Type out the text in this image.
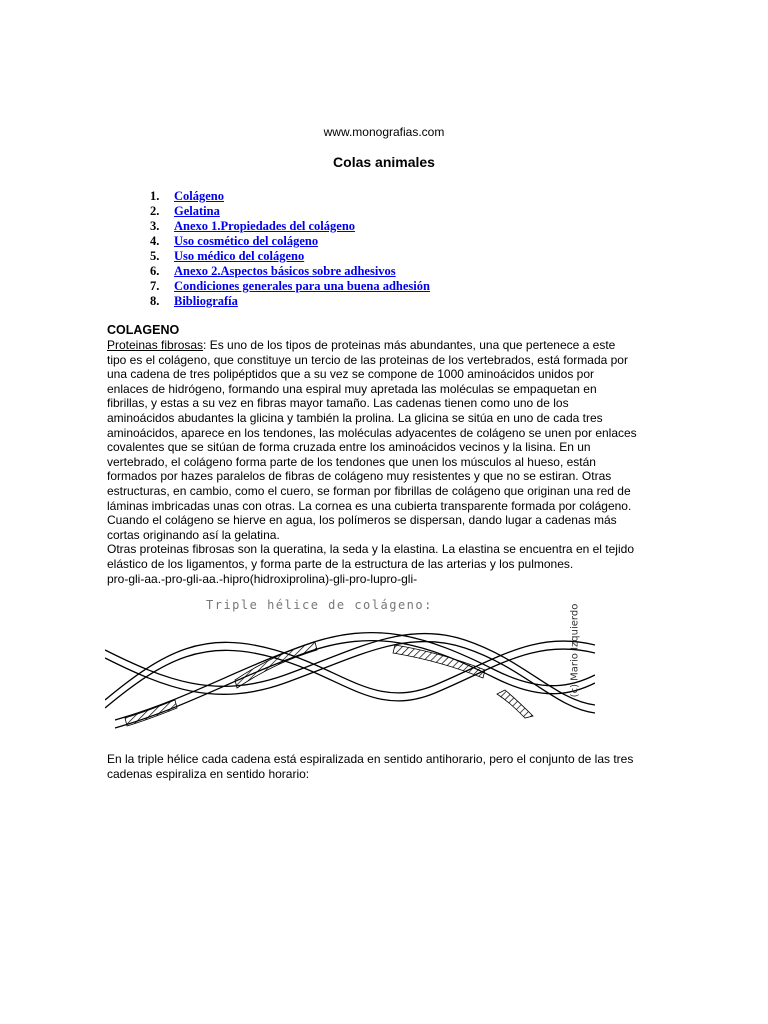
www.monografias.com
Colas animales
1. Colágeno
2. Gelatina
3. Anexo 1.Propiedades del colágeno
4. Uso cosmético del colágeno
5. Uso médico del colágeno
6. Anexo 2.Aspectos básicos sobre adhesivos
7. Condiciones generales para una buena adhesión
8. Bibliografía
COLAGENO
Proteinas fibrosas: Es uno de los tipos de proteinas más abundantes, una que pertenece a este
tipo es el colágeno, que constituye un tercio de las proteinas de los vertebrados, está formada por
una cadena de tres polipéptidos que a su vez se compone de 1000 aminoácidos unidos por
enlaces de hidrógeno, formando una espiral muy apretada las moléculas se empaquetan en
fibrillas, y estas a su vez en fibras mayor tamaño. Las cadenas tienen como uno de los
aminoácidos abudantes la glicina y también la prolina. La glicina se sitúa en uno de cada tres
aminoácidos, aparece en los tendones, las moléculas adyacentes de colágeno se unen por enlaces
covalentes que se sitúan de forma cruzada entre los aminoácidos vecinos y la lisina. En un
vertebrado, el colágeno forma parte de los tendones que unen los músculos al hueso, están
formados por hazes paralelos de fibras de colágeno muy resistentes y que no se estiran. Otras
estructuras, en cambio, como el cuero, se forman por fibrillas de colágeno que originan una red de
láminas imbricadas unas con otras. La cornea es una cubierta transparente formada por colágeno.
Cuando el colágeno se hierve en agua, los polímeros se dispersan, dando lugar a cadenas más
cortas originando así la gelatina.
Otras proteinas fibrosas son la queratina, la seda y la elastina. La elastina se encuentra en el tejido
elástico de los ligamentos, y forma parte de la estructura de las arterias y los pulmones.
pro-gli-aa.-pro-gli-aa.-hipro(hidroxiprolina)-gli-pro-lupro-gli-
Triple hélice de colágeno:	(c) Mario Izquierdo
En la triple hélice cada cadena está espiralizada en sentido antihorario, pero el conjunto de las tres
cadenas espiraliza en sentido horario:
